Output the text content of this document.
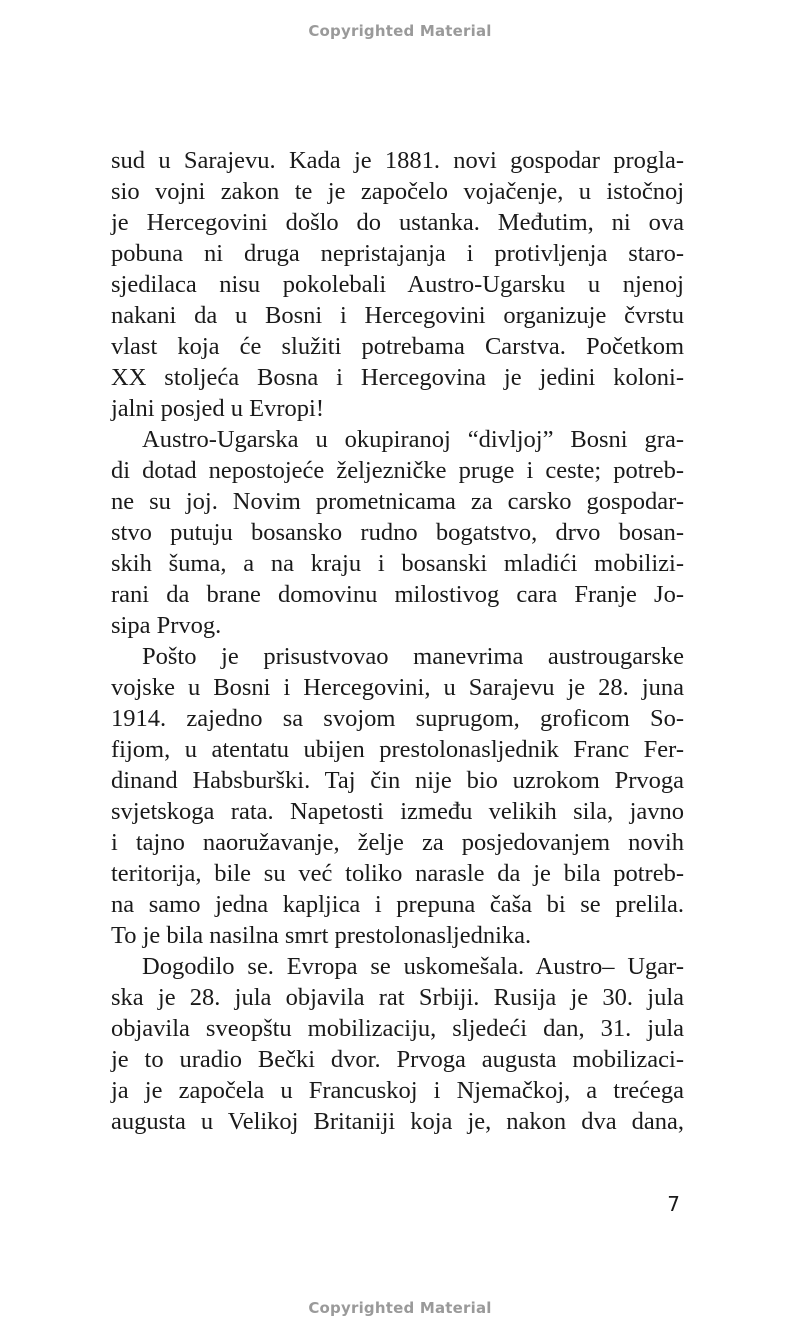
Copyrighted Material
sud u Sarajevu. Kada je 1881. novi gospodar progla-
sio vojni zakon te je započelo vojačenje, u istočnoj
je Hercegovini došlo do ustanka. Međutim, ni ova
pobuna ni druga nepristajanja i protivljenja staro-
sjedilaca nisu pokolebali Austro-Ugarsku u njenoj
nakani da u Bosni i Hercegovini organizuje čvrstu
vlast koja će služiti potrebama Carstva. Početkom
XX stoljeća Bosna i Hercegovina je jedini koloni-
jalni posjed u Evropi!
Austro-Ugarska u okupiranoj “divljoj” Bosni gra-
di dotad nepostojeće željezničke pruge i ceste; potreb-
ne su joj. Novim prometnicama za carsko gospodar-
stvo putuju bosansko rudno bogatstvo, drvo bosan-
skih šuma, a na kraju i bosanski mladići mobilizi-
rani da brane domovinu milostivog cara Franje Jo-
sipa Prvog.
Pošto je prisustvovao manevrima austrougarske
vojske u Bosni i Hercegovini, u Sarajevu je 28. juna
1914. zajedno sa svojom suprugom, groficom So-
fijom, u atentatu ubijen prestolonasljednik Franc Fer-
dinand Habsburški. Taj čin nije bio uzrokom Prvoga
svjetskoga rata. Napetosti između velikih sila, javno
i tajno naoružavanje, želje za posjedovanjem novih
teritorija, bile su već toliko narasle da je bila potreb-
na samo jedna kapljica i prepuna čaša bi se prelila.
To je bila nasilna smrt prestolonasljednika.
Dogodilo se. Evropa se uskomešala. Austro– Ugar-
ska je 28. jula objavila rat Srbiji. Rusija je 30. jula
objavila sveopštu mobilizaciju, sljedeći dan, 31. jula
je to uradio Bečki dvor. Prvoga augusta mobilizaci-
ja je započela u Francuskoj i Njemačkoj, a trećega
augusta u Velikoj Britaniji koja je, nakon dva dana,
7
Copyrighted Material
